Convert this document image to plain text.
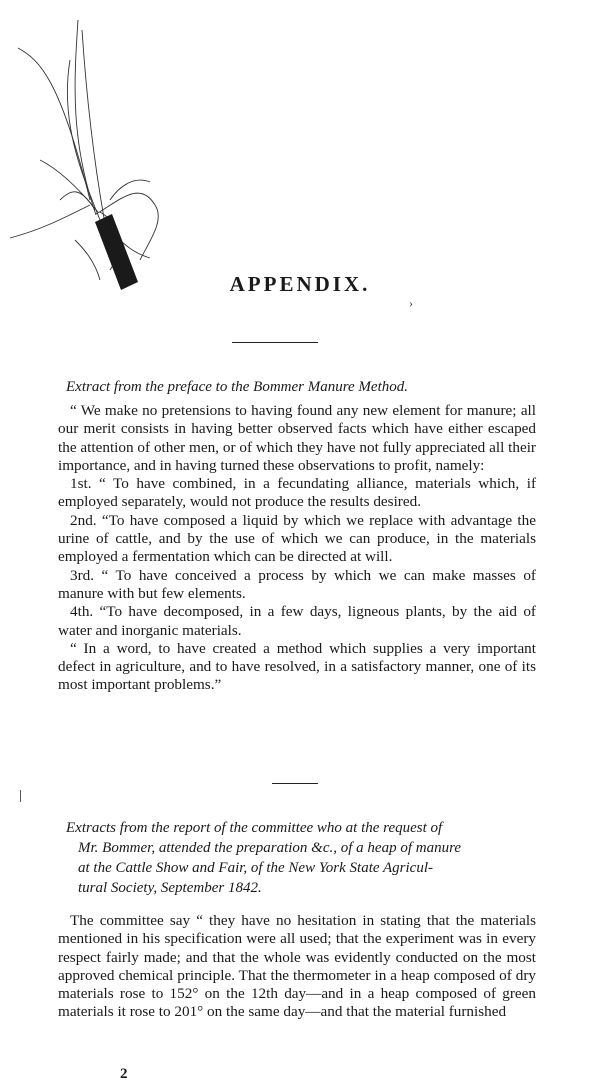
›
APPENDIX.
Extract from the preface to the Bommer Manure Method.

“ We make no pretensions to having found any new element for manure; all our merit consists in having better observed facts which have either escaped the attention of other men, or of which they have not fully appreciated all their importance, and in having turned these observations to profit, namely:

1st. “ To have combined, in a fecundating alliance, materials which, if employed separately, would not produce the results desired.

2nd. “To have composed a liquid by which we replace with advantage the urine of cattle, and by the use of which we can produce, in the materials employed a fermentation which can be directed at will.

3rd. “ To have conceived a process by which we can make masses of manure with but few elements.

4th. “To have decomposed, in a few days, ligneous plants, by the aid of water and inorganic materials.

“ In a word, to have created a method which supplies a very important defect in agriculture, and to have resolved, in a satisfactory manner, one of its most important problems.”

Extracts from the report of the committee who at the request of
Mr. Bommer, attended the preparation &c., of a heap of manure
at the Cattle Show and Fair, of the New York State Agricul-
tural Society, September 1842.

The committee say “ they have no hesitation in stating that the materials mentioned in his specification were all used; that the experiment was in every respect fairly made; and that the whole was evidently conducted on the most approved chemical principle. That the thermometer in a heap composed of dry materials rose to 152° on the 12th day—and in a heap composed of green materials it rose to 201° on the same day—and that the material furnished

2
